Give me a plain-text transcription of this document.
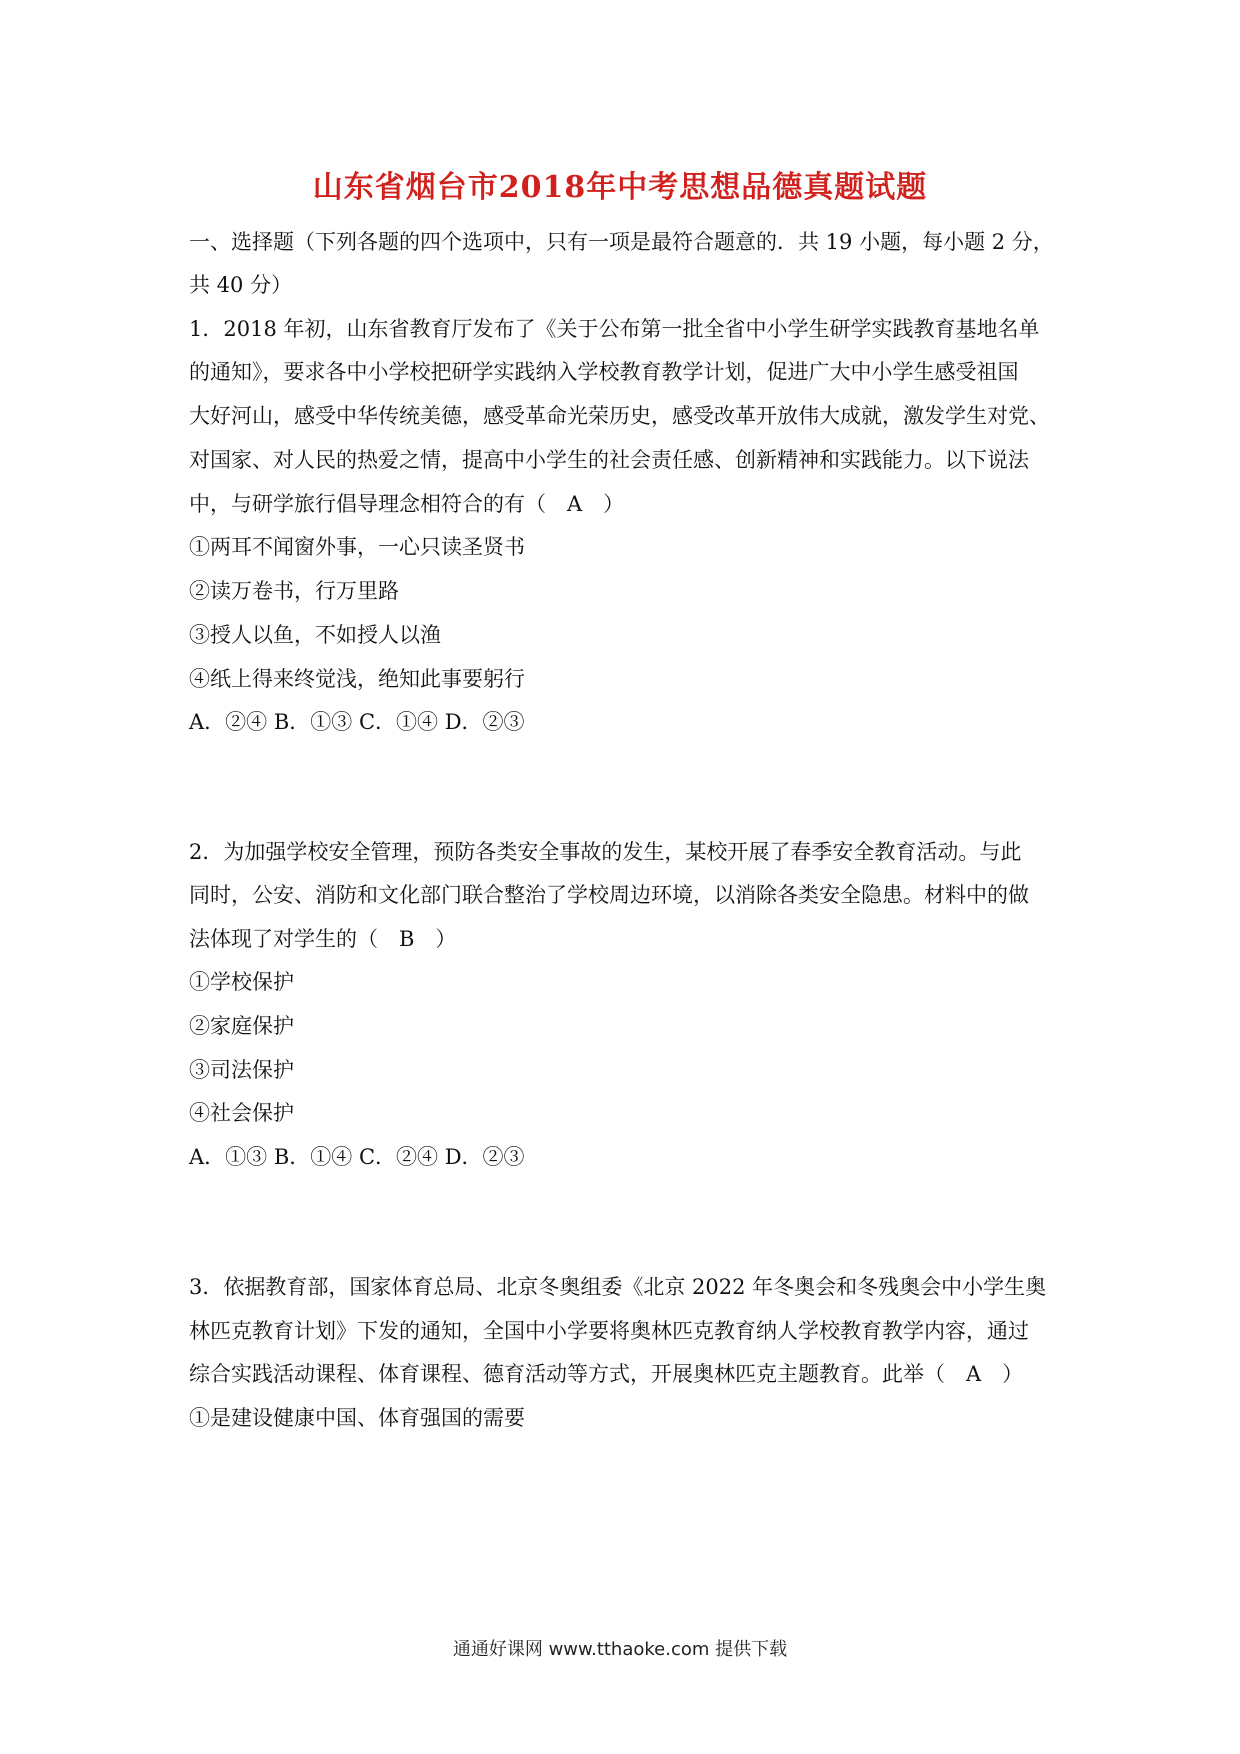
山东省烟台市2018年中考思想品德真题试题
一、选择题（下列各题的四个选项中，只有一项是最符合题意的．共 19 小题，每小题 2 分，
共 40 分）
1．2018 年初，山东省教育厅发布了《关于公布第一批全省中小学生研学实践教育基地名单
的通知》，要求各中小学校把研学实践纳入学校教育教学计划，促进广大中小学生感受祖国
大好河山，感受中华传统美德，感受革命光荣历史，感受改革开放伟大成就，激发学生对党、
对国家、对人民的热爱之情，提高中小学生的社会责任感、创新精神和实践能力。以下说法
中，与研学旅行倡导理念相符合的有（　A　）
①两耳不闻窗外事，一心只读圣贤书
②读万卷书，行万里路
③授人以鱼，不如授人以渔
④纸上得来终觉浅，绝知此事要躬行
A．②④ B．①③ C．①④ D．②③
2．为加强学校安全管理，预防各类安全事故的发生，某校开展了春季安全教育活动。与此
同时，公安、消防和文化部门联合整治了学校周边环境，以消除各类安全隐患。材料中的做
法体现了对学生的（　B　）
①学校保护
②家庭保护
③司法保护
④社会保护
A．①③ B．①④ C．②④ D．②③
3．依据教育部，国家体育总局、北京冬奥组委《北京 2022 年冬奥会和冬残奥会中小学生奥
林匹克教育计划》下发的通知，全国中小学要将奥林匹克教育纳人学校教育教学内容，通过
综合实践活动课程、体育课程、德育活动等方式，开展奥林匹克主题教育。此举（　A　）
①是建设健康中国、体育强国的需要
通通好课网 www.tthaoke.com 提供下载
